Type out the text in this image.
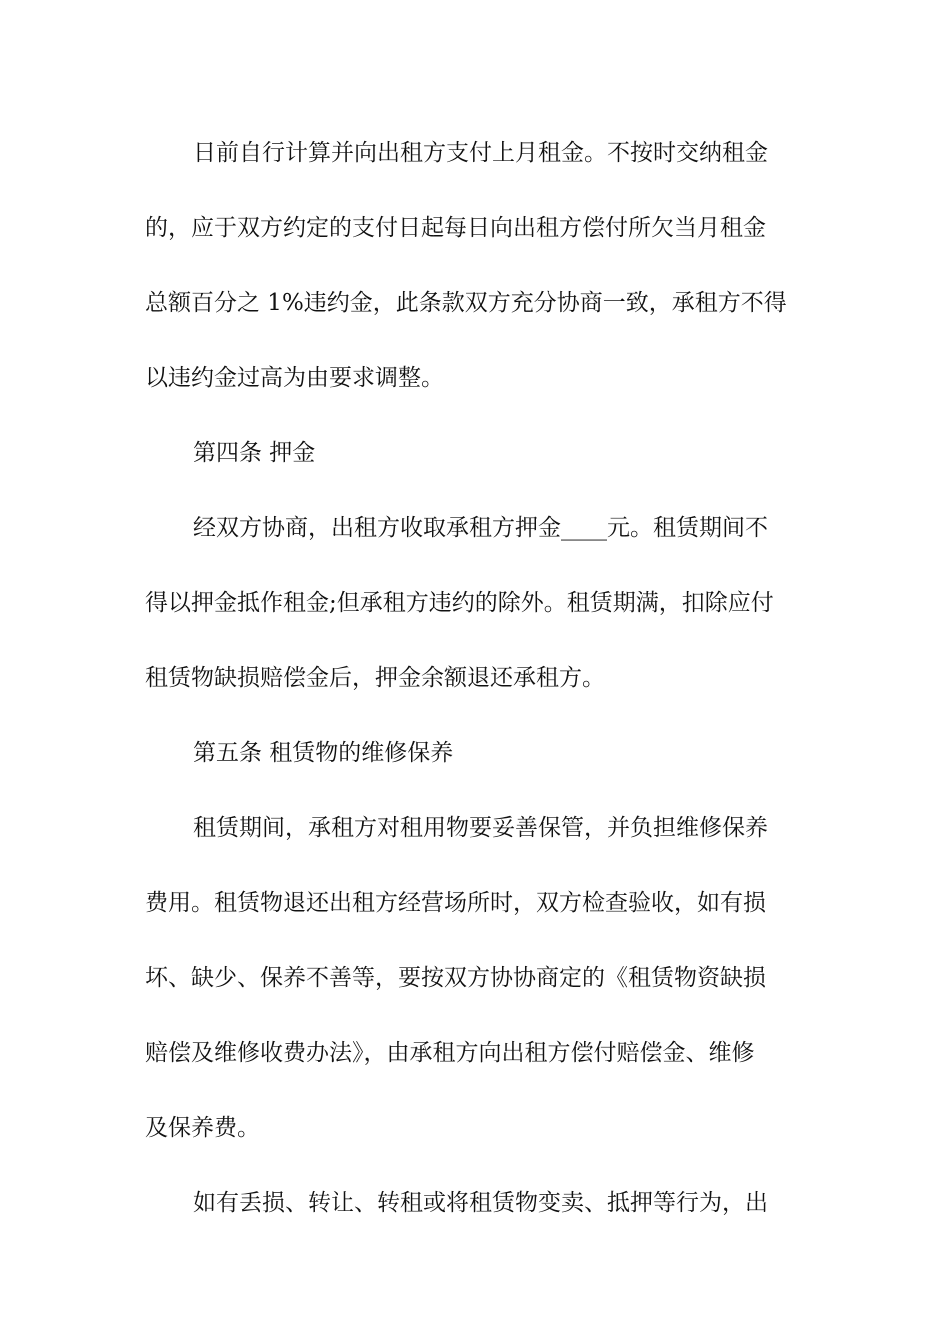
日前自行计算并向出租方支付上月租金。不按时交纳租金
的，应于双方约定的支付日起每日向出租方偿付所欠当月租金
总额百分之 1%违约金，此条款双方充分协商一致，承租方不得
以违约金过高为由要求调整。
第四条 押金
经双方协商，出租方收取承租方押金____元。租赁期间不
得以押金抵作租金;但承租方违约的除外。租赁期满，扣除应付
租赁物缺损赔偿金后，押金余额退还承租方。
第五条 租赁物的维修保养
租赁期间，承租方对租用物要妥善保管，并负担维修保养
费用。租赁物退还出租方经营场所时，双方检查验收，如有损
坏、缺少、保养不善等，要按双方协协商定的《租赁物资缺损
赔偿及维修收费办法》，由承租方向出租方偿付赔偿金、维修
及保养费。
如有丢损、转让、转租或将租赁物变卖、抵押等行为，出
